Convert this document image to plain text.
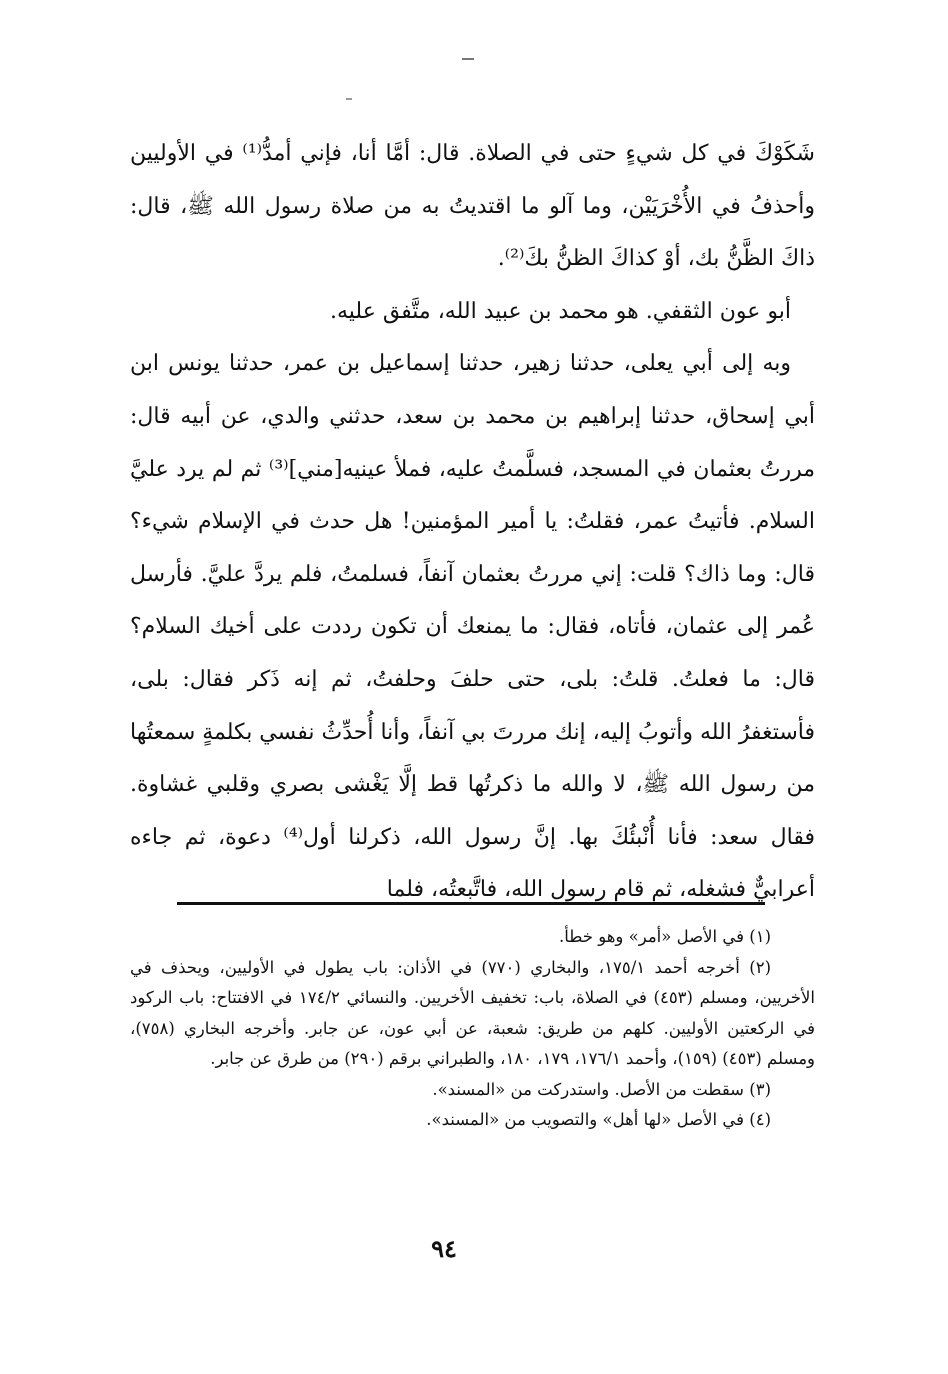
شَكَوْكَ في كل شيءٍ حتى في الصلاة. قال: أمَّا أنا، فإني أمدُّ⁽¹⁾ في الأوليين وأحذفُ في الأُخْرَيَيْن، وما آلو ما اقتديتُ به من صلاة رسول الله ﷺ، قال: ذاكَ الظَّنُّ بك، أوْ كذاكَ الظنُّ بكَ⁽²⁾.

أبو عون الثقفي. هو محمد بن عبيد الله، متَّفق عليه.

وبه إلى أبي يعلى، حدثنا زهير، حدثنا إسماعيل بن عمر، حدثنا يونس ابن أبي إسحاق، حدثنا إبراهيم بن محمد بن سعد، حدثني والدي، عن أبيه قال: مررتُ بعثمان في المسجد، فسلَّمتُ عليه، فملأ عينيه[مني]⁽³⁾ ثم لم يرد عليَّ السلام. فأتيتُ عمر، فقلتُ: يا أمير المؤمنين! هل حدث في الإسلام شيء؟ قال: وما ذاك؟ قلت: إني مررتُ بعثمان آنفاً، فسلمتُ، فلم يردَّ عليَّ. فأرسل عُمر إلى عثمان، فأتاه، فقال: ما يمنعك أن تكون رددت على أخيك السلام؟ قال: ما فعلتُ. قلتُ: بلى، حتى حلفَ وحلفتُ، ثم إنه ذَكر فقال: بلى، فأستغفرُ الله وأتوبُ إليه، إنك مررتَ بي آنفاً، وأنا أُحدِّثُ نفسي بكلمةٍ سمعتُها من رسول الله ﷺ، لا والله ما ذكرتُها قط إلَّا يَغْشى بصري وقلبي غشاوة. فقال سعد: فأنا أُنْبئُكَ بها. إنَّ رسول الله، ذكرلنا أول⁽⁴⁾ دعوة، ثم جاءه أعرابيٌّ فشغله، ثم قام رسول الله، فاتَّبعتُه، فلما

(١) في الأصل «أمر» وهو خطأ.

(٢) أخرجه أحمد ١٧٥/١، والبخاري (٧٧٠) في الأذان: باب يطول في الأوليين، ويحذف في الأخريين، ومسلم (٤٥٣) في الصلاة، باب: تخفيف الأخريين. والنسائي ١٧٤/٢ في الافتتاح: باب الركود في الركعتين الأوليين. كلهم من طريق: شعبة، عن أبي عون، عن جابر. وأخرجه البخاري (٧٥٨)، ومسلم (٤٥٣) (١٥٩)، وأحمد ١٧٦/١، ١٧٩، ١٨٠، والطبراني برقم (٢٩٠) من طرق عن جابر.

(٣) سقطت من الأصل. واستدركت من «المسند».

(٤) في الأصل «لها أهل» والتصويب من «المسند».

٩٤
